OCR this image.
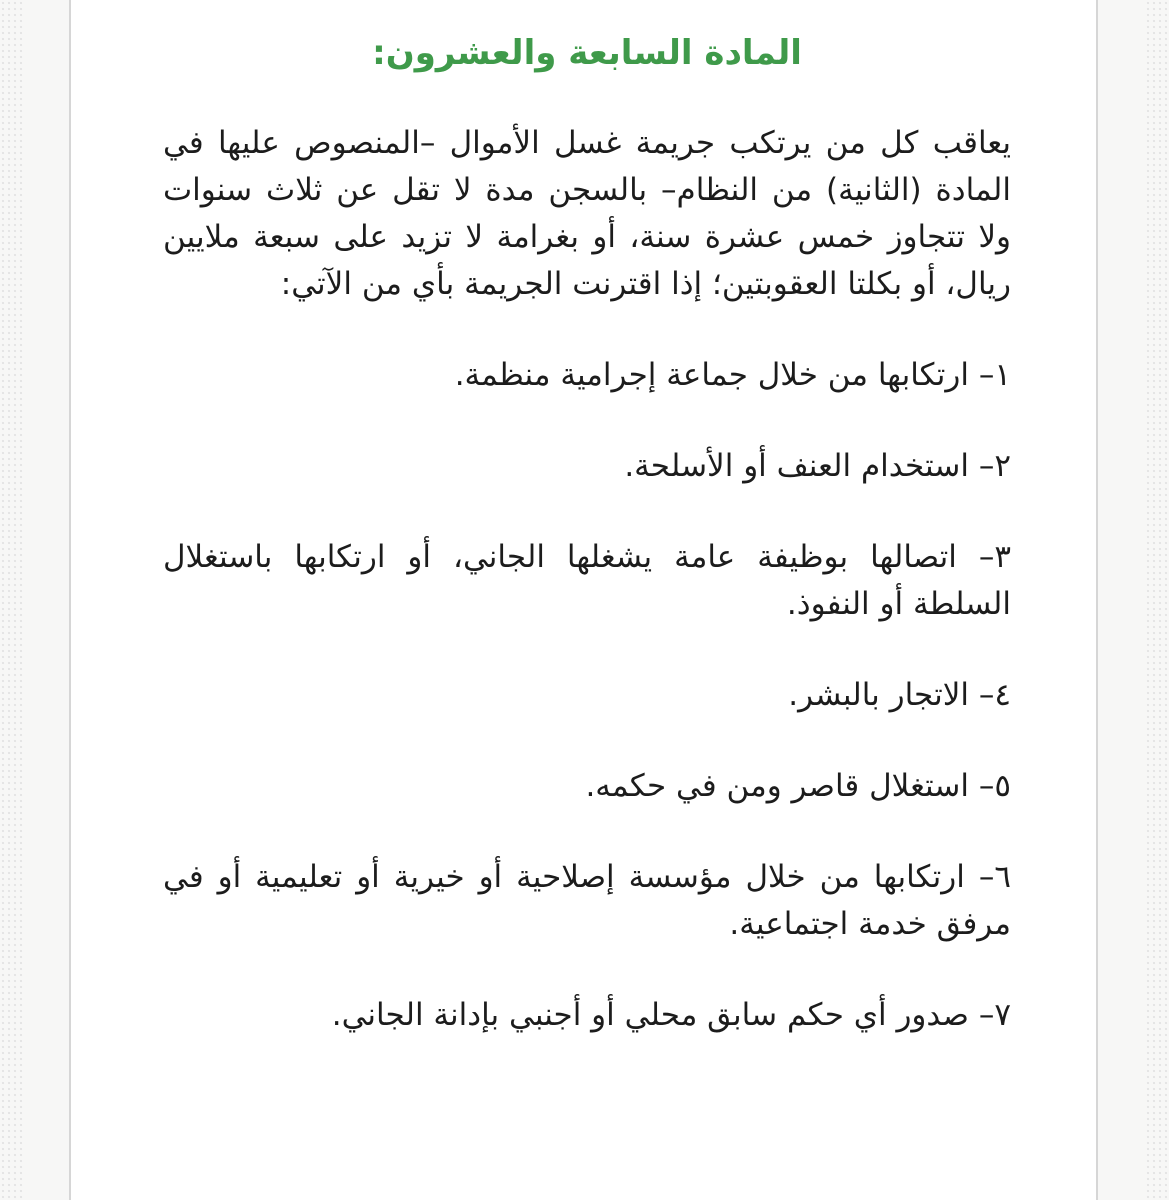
المادة السابعة والعشرون:

يعاقب كل من يرتكب جريمة غسل الأموال –المنصوص عليها في المادة (الثانية) من النظام– بالسجن مدة لا تقل عن ثلاث سنوات ولا تتجاوز خمس عشرة سنة، أو بغرامة لا تزيد على سبعة ملايين ريال، أو بكلتا العقوبتين؛ إذا اقترنت الجريمة بأي من الآتي:

١– ارتكابها من خلال جماعة إجرامية منظمة.

٢– استخدام العنف أو الأسلحة.

٣– اتصالها بوظيفة عامة يشغلها الجاني، أو ارتكابها باستغلال السلطة أو النفوذ.

٤– الاتجار بالبشر.

٥– استغلال قاصر ومن في حكمه.

٦– ارتكابها من خلال مؤسسة إصلاحية أو خيرية أو تعليمية أو في مرفق خدمة اجتماعية.

٧– صدور أي حكم سابق محلي أو أجنبي بإدانة الجاني.
